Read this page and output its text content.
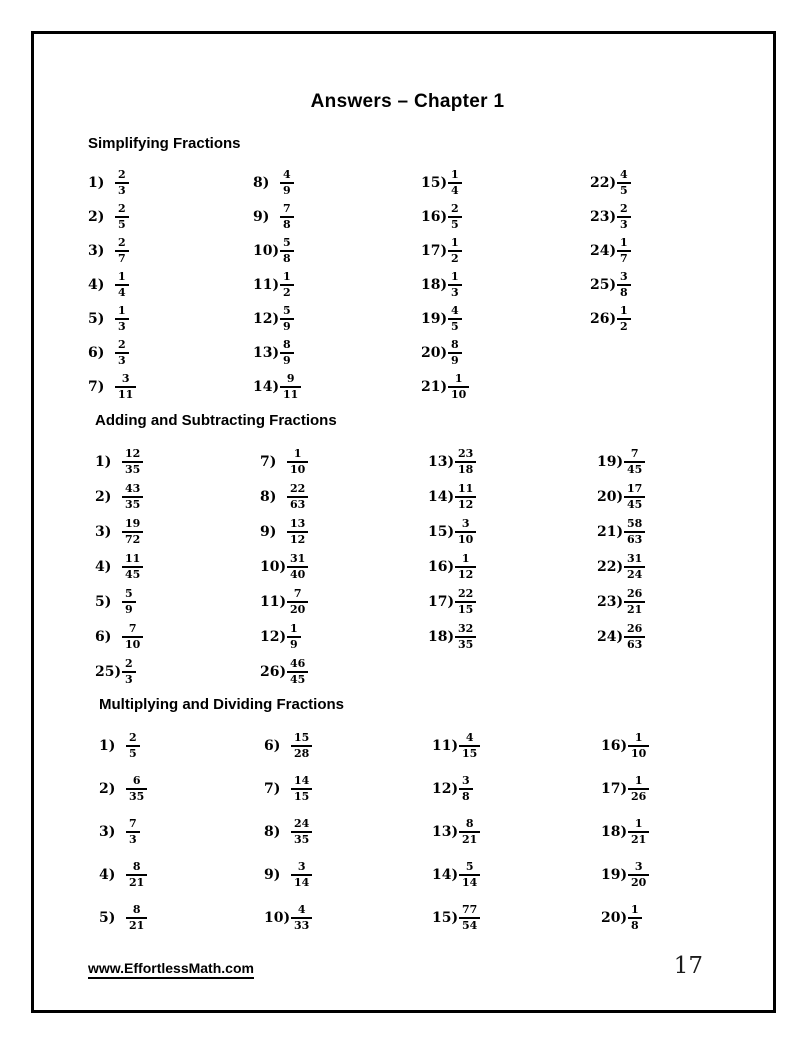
Answers – Chapter 1
Simplifying Fractions
$1) \frac{2}{3}$
$2) \frac{2}{5}$
$3) \frac{2}{7}$
$4) \frac{1}{4}$
$5) \frac{1}{3}$
$6) \frac{2}{3}$
$7) \frac{3}{11}$
$8) \frac{4}{9}$
$9) \frac{7}{8}$
$10) \frac{5}{8}$
$11) \frac{1}{2}$
$12) \frac{5}{9}$
$13) \frac{8}{9}$
$14) \frac{9}{11}$
$15) \frac{1}{4}$
$16) \frac{2}{5}$
$17) \frac{1}{2}$
$18) \frac{1}{3}$
$19) \frac{4}{5}$
$20) \frac{8}{9}$
$21) \frac{1}{10}$
$22) \frac{4}{5}$
$23) \frac{2}{3}$
$24) \frac{1}{7}$
$25) \frac{3}{8}$
$26) \frac{1}{2}$
Adding and Subtracting Fractions
$1) \frac{12}{35}$
$2) \frac{43}{35}$
$3) \frac{19}{72}$
$4) \frac{11}{45}$
$5) \frac{5}{9}$
$6) \frac{7}{10}$
$25) \frac{2}{3}$
$7) \frac{1}{10}$
$8) \frac{22}{63}$
$9) \frac{13}{12}$
$10) \frac{31}{40}$
$11) \frac{7}{20}$
$12) \frac{1}{9}$
$26) \frac{46}{45}$
$13) \frac{23}{18}$
$14) \frac{11}{12}$
$15) \frac{3}{10}$
$16) \frac{1}{12}$
$17) \frac{22}{15}$
$18) \frac{32}{35}$
$19) \frac{7}{45}$
$20) \frac{17}{45}$
$21) \frac{58}{63}$
$22) \frac{31}{24}$
$23) \frac{26}{21}$
$24) \frac{26}{63}$
Multiplying and Dividing Fractions
$1) \frac{2}{5}$
$2) \frac{6}{35}$
$3) \frac{7}{3}$
$4) \frac{8}{21}$
$5) \frac{8}{21}$
$6) \frac{15}{28}$
$7) \frac{14}{15}$
$8) \frac{24}{35}$
$9) \frac{3}{14}$
$10) \frac{4}{33}$
$11) \frac{4}{15}$
$12) \frac{3}{8}$
$13) \frac{8}{21}$
$14) \frac{5}{14}$
$15) \frac{77}{54}$
$16) \frac{1}{10}$
$17) \frac{1}{26}$
$18) \frac{1}{21}$
$19) \frac{3}{20}$
$20) \frac{1}{8}$
www.EffortlessMath.com	17
